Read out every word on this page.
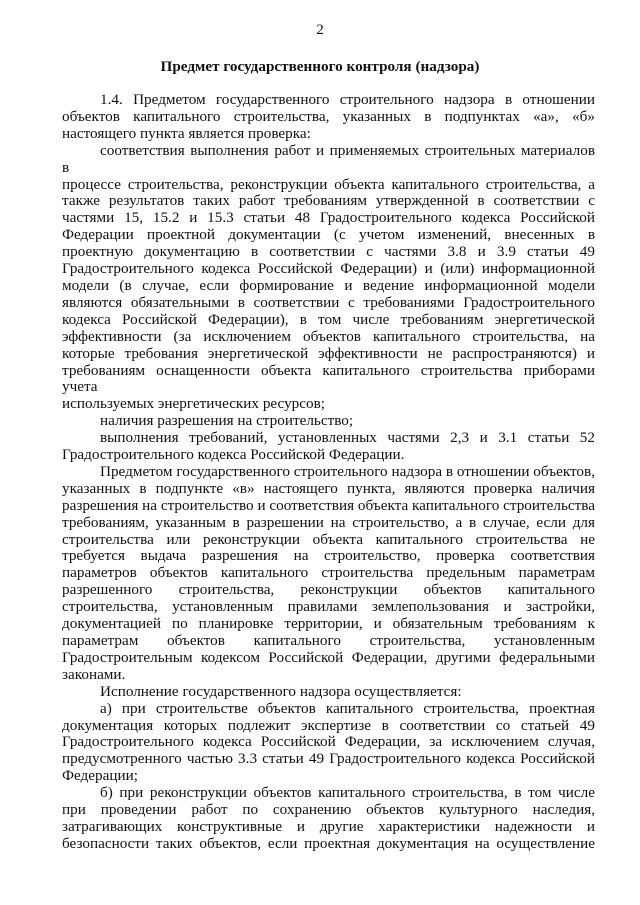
2
Предмет государственного контроля (надзора)
1.4. Предметом государственного строительного надзора в отношении
объектов капитального строительства, указанных в подпунктах «а», «б»
настоящего пункта является проверка:
соответствия выполнения работ и применяемых строительных материалов в
процессе строительства, реконструкции объекта капитального строительства, а
также результатов таких работ требованиям утвержденной в соответствии с
частями 15, 15.2 и 15.3 статьи 48 Градостроительного кодекса Российской
Федерации проектной документации (с учетом изменений, внесенных в
проектную документацию в соответствии с частями 3.8 и 3.9 статьи 49
Градостроительного кодекса Российской Федерации) и (или) информационной
модели (в случае, если формирование и ведение информационной модели
являются обязательными в соответствии с требованиями Градостроительного
кодекса Российской Федерации), в том числе требованиям энергетической
эффективности (за исключением объектов капитального строительства, на
которые требования энергетической эффективности не распространяются) и
требованиям оснащенности объекта капитального строительства приборами учета
используемых энергетических ресурсов;
наличия разрешения на строительство;
выполнения требований, установленных частями 2,3 и 3.1 статьи 52
Градостроительного кодекса Российской Федерации.
Предметом государственного строительного надзора в отношении объектов,
указанных в подпункте «в» настоящего пункта, являются проверка наличия
разрешения на строительство и соответствия объекта капитального строительства
требованиям, указанным в разрешении на строительство, а в случае, если для
строительства или реконструкции объекта капитального строительства не
требуется выдача разрешения на строительство, проверка соответствия
параметров объектов капитального строительства предельным параметрам
разрешенного строительства, реконструкции объектов капитального
строительства, установленным правилами землепользования и застройки,
документацией по планировке территории, и обязательным требованиям к
параметрам объектов капитального строительства, установленным
Градостроительным кодексом Российской Федерации, другими федеральными
законами.
Исполнение государственного надзора осуществляется:
а) при строительстве объектов капитального строительства, проектная
документация которых подлежит экспертизе в соответствии со статьей 49
Градостроительного кодекса Российской Федерации, за исключением случая,
предусмотренного частью 3.3 статьи 49 Градостроительного кодекса Российской
Федерации;
б) при реконструкции объектов капитального строительства, в том числе
при проведении работ по сохранению объектов культурного наследия,
затрагивающих конструктивные и другие характеристики надежности и
безопасности таких объектов, если проектная документация на осуществление
